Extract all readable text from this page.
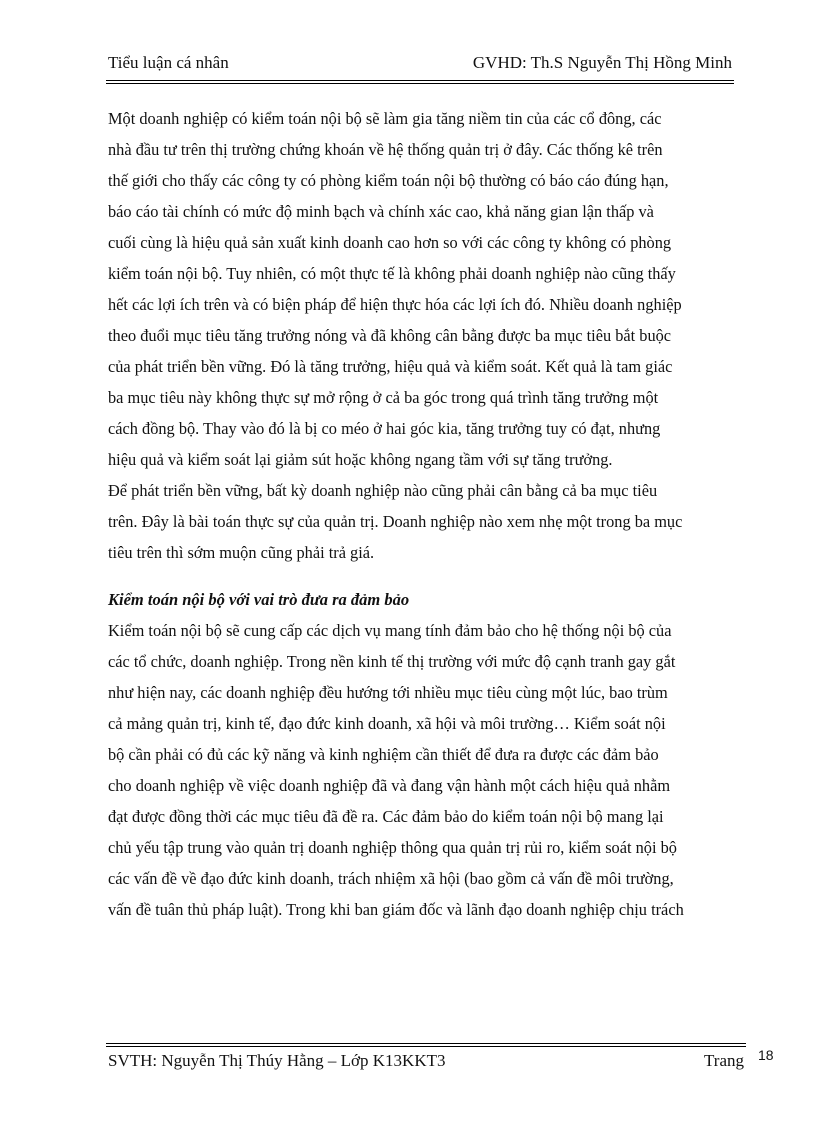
Tiểu luận cá nhân	GVHD: Th.S Nguyễn Thị Hồng Minh
Một doanh nghiệp có kiểm toán nội bộ sẽ làm gia tăng niềm tin của các cổ đông, các
nhà đầu tư trên thị trường chứng khoán về hệ thống quản trị ở đây. Các thống kê trên
thế giới cho thấy các công ty có phòng kiểm toán nội bộ thường có báo cáo đúng hạn,
báo cáo tài chính có mức độ minh bạch và chính xác cao, khả năng gian lận thấp và
cuối cùng là hiệu quả sản xuất kinh doanh cao hơn so với các công ty không có phòng
kiểm toán nội bộ. Tuy nhiên, có một thực tế là không phải doanh nghiệp nào cũng thấy
hết các lợi ích trên và có biện pháp để hiện thực hóa các lợi ích đó. Nhiều doanh nghiệp
theo đuổi mục tiêu tăng trưởng nóng và đã không cân bằng được ba mục tiêu bắt buộc
của phát triển bền vững. Đó là tăng trưởng, hiệu quả và kiểm soát. Kết quả là tam giác
ba mục tiêu này không thực sự mở rộng ở cả ba góc trong quá trình tăng trưởng một
cách đồng bộ. Thay vào đó là bị co méo ở hai góc kia, tăng trưởng tuy có đạt, nhưng
hiệu quả và kiểm soát lại giảm sút hoặc không ngang tầm với sự tăng trưởng.
Để phát triển bền vững, bất kỳ doanh nghiệp nào cũng phải cân bằng cả ba mục tiêu
trên. Đây là bài toán thực sự của quản trị. Doanh nghiệp nào xem nhẹ một trong ba mục
tiêu trên thì sớm muộn cũng phải trả giá.
Kiểm toán nội bộ với vai trò đưa ra đảm bảo
Kiểm toán nội bộ sẽ cung cấp các dịch vụ mang tính đảm bảo cho hệ thống nội bộ của
các tổ chức, doanh nghiệp. Trong nền kinh tế thị trường với mức độ cạnh tranh gay gắt
như hiện nay, các doanh nghiệp đều hướng tới nhiều mục tiêu cùng một lúc, bao trùm
cả mảng quản trị, kinh tế, đạo đức kinh doanh, xã hội và môi trường… Kiểm soát nội
bộ cần phải có đủ các kỹ năng và kinh nghiệm cần thiết để đưa ra được các đảm bảo
cho doanh nghiệp về việc doanh nghiệp đã và đang vận hành một cách hiệu quả nhằm
đạt được đồng thời các mục tiêu đã đề ra. Các đảm bảo do kiểm toán nội bộ mang lại
chủ yếu tập trung vào quản trị doanh nghiệp thông qua quản trị rủi ro, kiểm soát nội bộ
các vấn đề về đạo đức kinh doanh, trách nhiệm xã hội (bao gồm cả vấn đề môi trường,
vấn đề tuân thủ pháp luật). Trong khi ban giám đốc và lãnh đạo doanh nghiệp chịu trách
SVTH: Nguyễn Thị Thúy Hằng – Lớp K13KKT3	Trang 18
